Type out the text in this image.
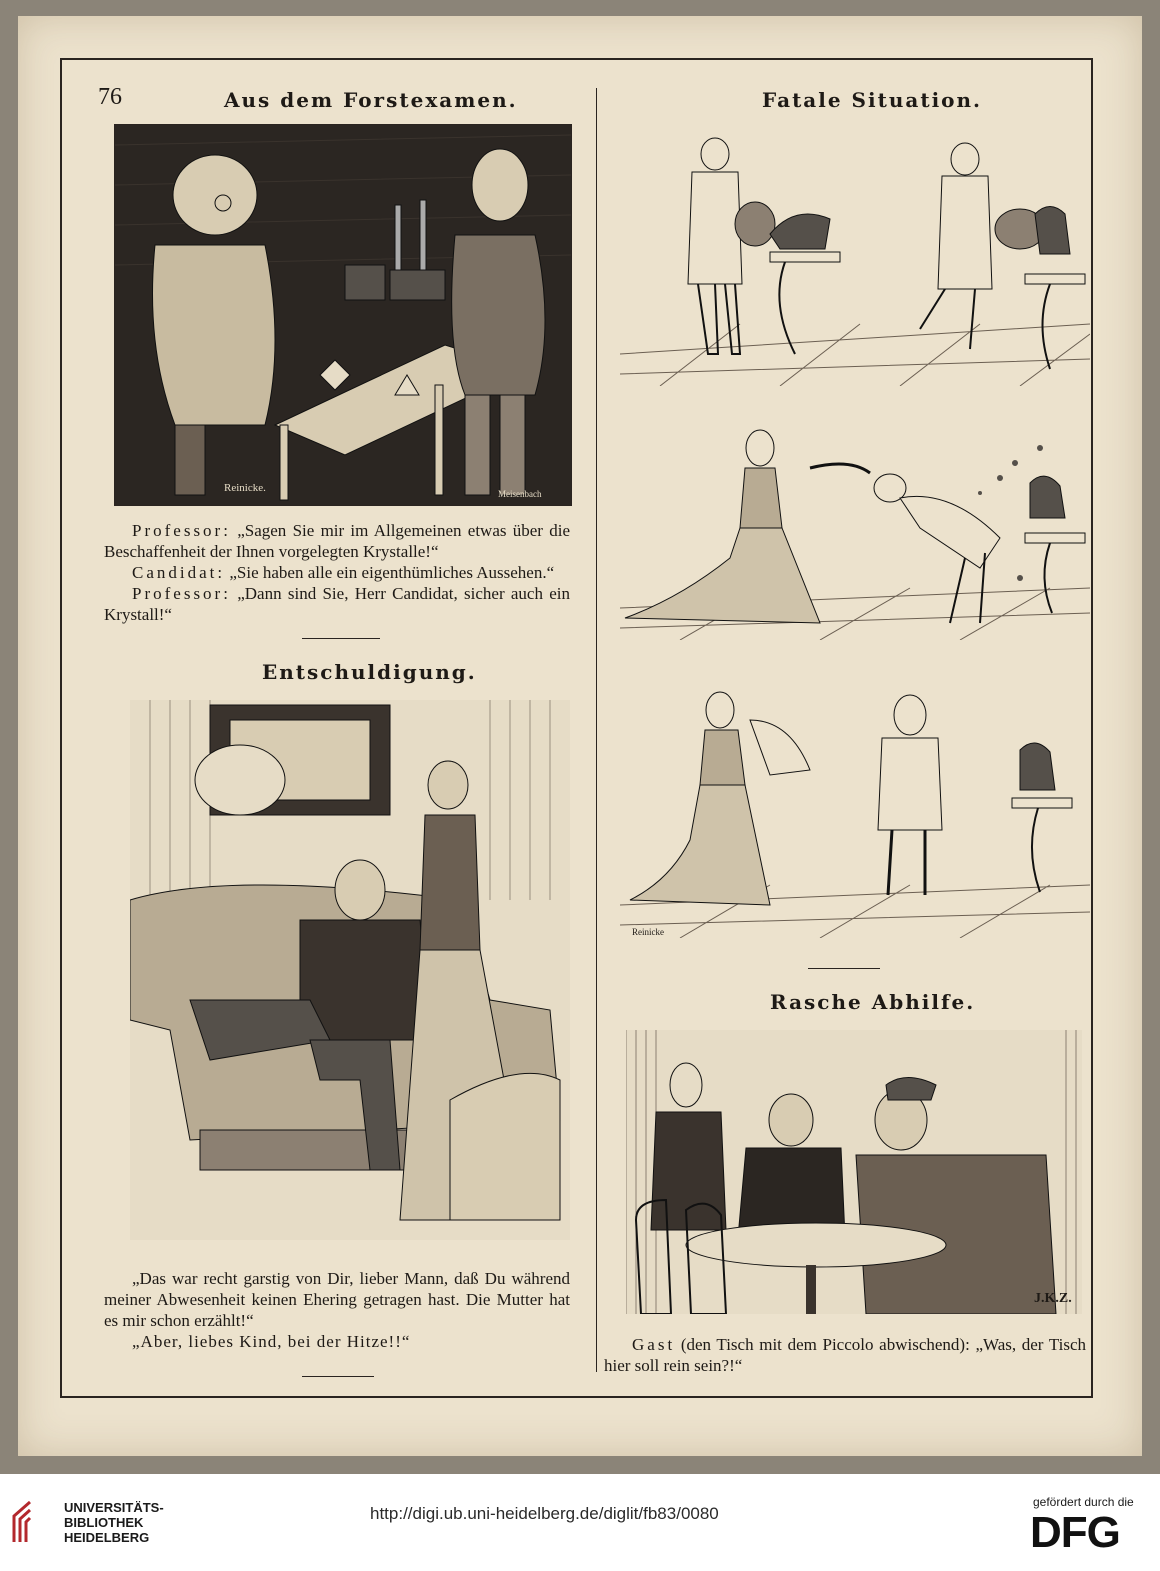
76	Aus dem Forstexamen.
Reinicke.	Meisenbach

Professor: „Sagen Sie mir im Allgemeinen etwas über die Beschaffenheit der Ihnen vorgelegten Krystalle!“

Candidat: „Sie haben alle ein eigenthümliches Aussehen.“

Professor: „Dann sind Sie, Herr Candidat, sicher auch ein Krystall!“

Entschuldigung.

„Das war recht garstig von Dir, lieber Mann, daß Du während meiner Abwesenheit keinen Ehering getragen hast. Die Mutter hat es mir schon erzählt!“

„Aber, liebes Kind, bei der Hitze!!“

Fatale Situation.
Reinicke
Rasche Abhilfe.
J.K.Z.

Gast (den Tisch mit dem Piccolo abwischend): „Was, der Tisch hier soll rein sein?!“

UNIVERSITÄTS-
BIBLIOTHEK
HEIDELBERG
http://digi.ub.uni-heidelberg.de/diglit/fb83/0080
gefördert durch die
DFG
